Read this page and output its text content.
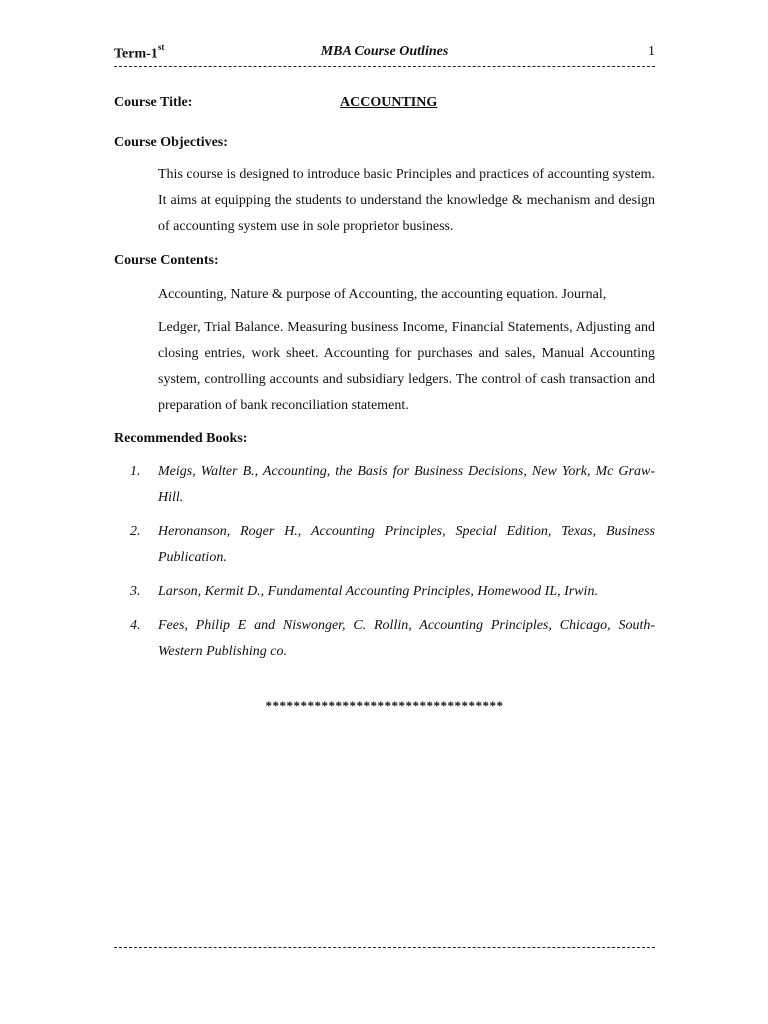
Term-1st	MBA Course Outlines	1
Course Title:	ACCOUNTING
Course Objectives:
This course is designed to introduce basic Principles and practices of accounting system. It aims at equipping the students to understand the knowledge & mechanism and design of accounting system use in sole proprietor business.
Course Contents:
Accounting, Nature & purpose of Accounting, the accounting equation. Journal,
Ledger, Trial Balance. Measuring business Income, Financial Statements, Adjusting and closing entries, work sheet. Accounting for purchases and sales, Manual Accounting system, controlling accounts and subsidiary ledgers. The control of cash transaction and preparation of bank reconciliation statement.
Recommended Books:
1.	Meigs, Walter B., Accounting, the Basis for Business Decisions, New York, Mc Graw-Hill.
2.	Heronanson, Roger H., Accounting Principles, Special Edition, Texas, Business Publication.
3.	Larson, Kermit D., Fundamental Accounting Principles, Homewood IL, Irwin.
4.	Fees, Philip E and Niswonger, C. Rollin, Accounting Principles, Chicago, South-Western Publishing co.
**********************************
